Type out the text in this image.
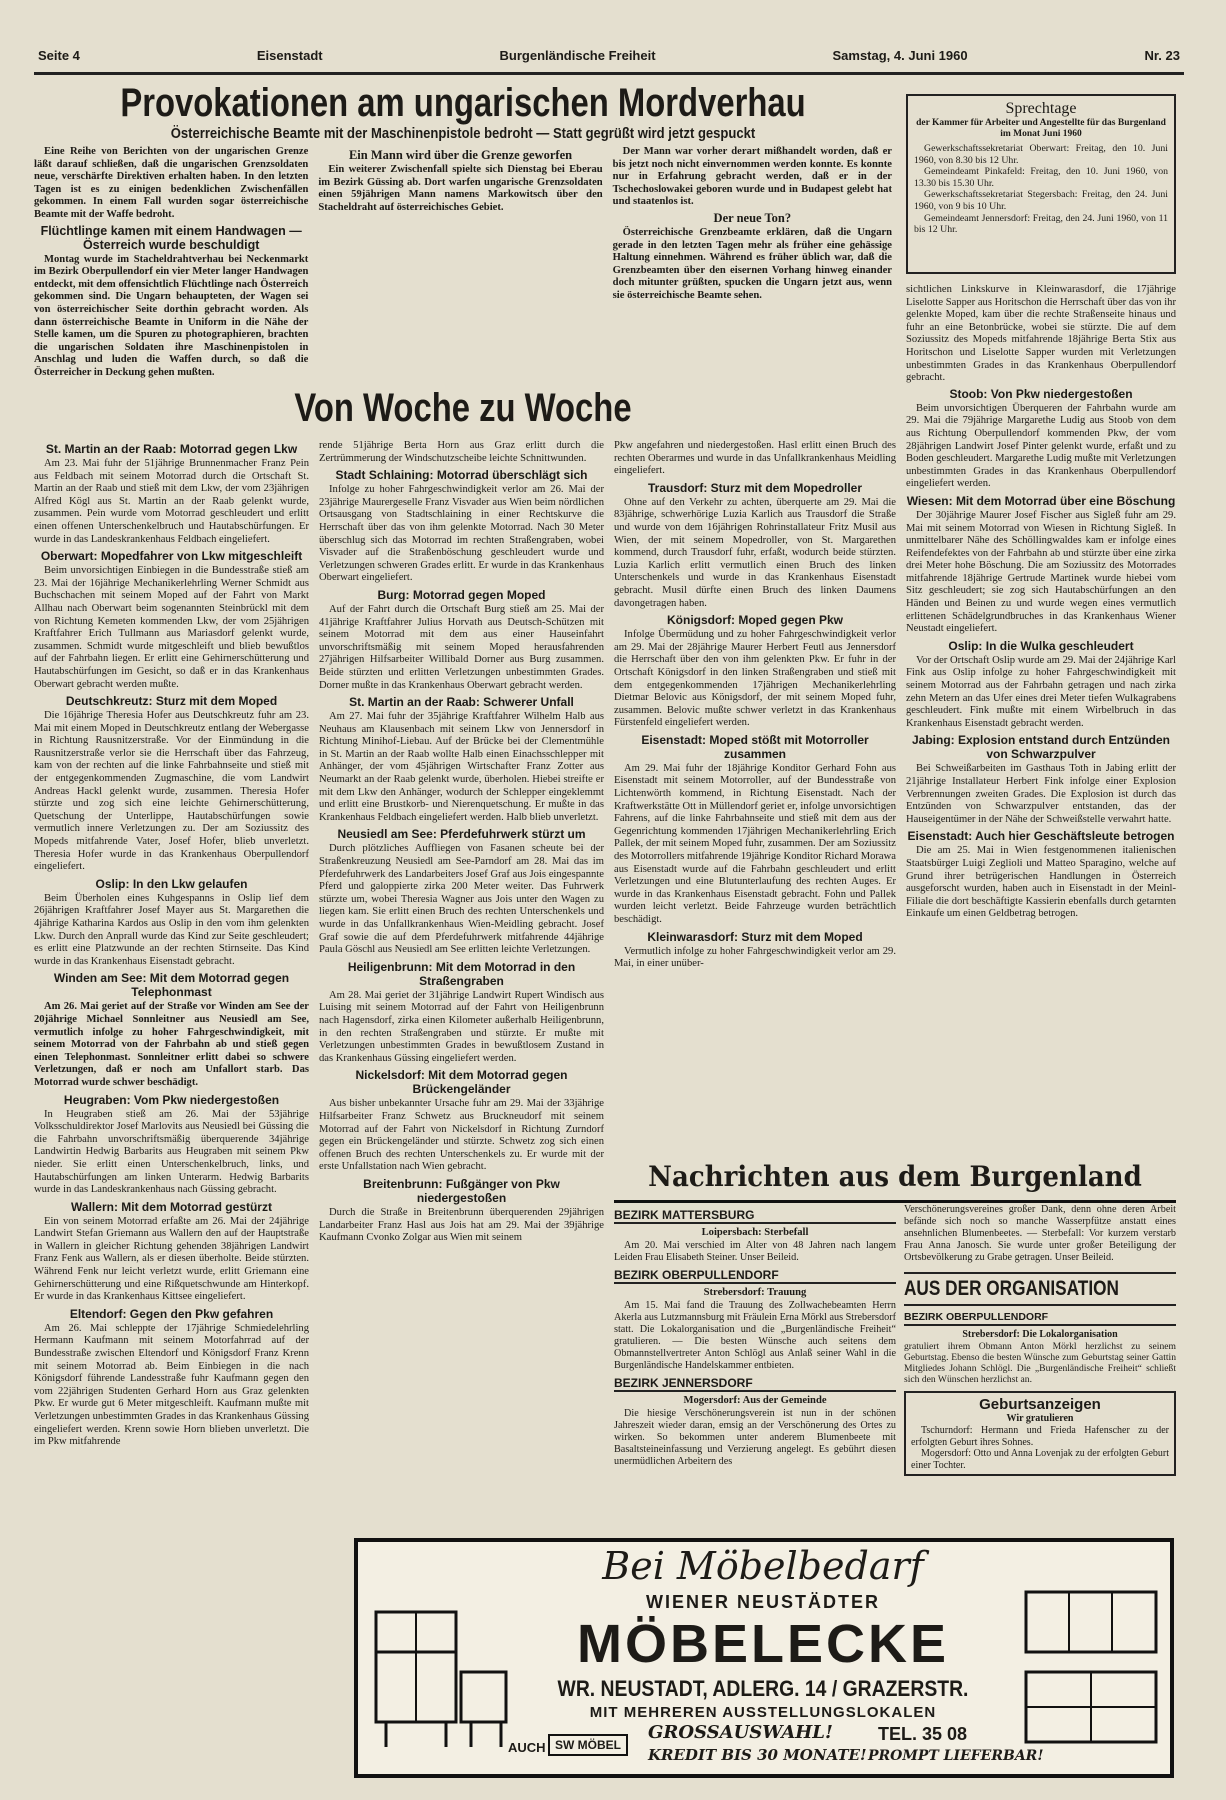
Seite 4	Eisenstadt	Burgenländische Freiheit	Samstag, 4. Juni 1960	Nr. 23
Provokationen am ungarischen Mordverhau
Österreichische Beamte mit der Maschinenpistole bedroht — Statt gegrüßt wird jetzt gespuckt

Eine Reihe von Berichten von der ungarischen Grenze läßt darauf schließen, daß die ungarischen Grenzsoldaten neue, verschärfte Direktiven erhalten haben. In den letzten Tagen ist es zu einigen bedenklichen Zwischenfällen gekommen. In einem Fall wurden sogar österreichische Beamte mit der Waffe bedroht.

Flüchtlinge kamen mit einem Handwagen — Österreich wurde beschuldigt

Montag wurde im Stacheldrahtverhau bei Neckenmarkt im Bezirk Oberpullendorf ein vier Meter langer Handwagen entdeckt, mit dem offensichtlich Flüchtlinge nach Österreich gekommen sind. Die Ungarn behaupteten, der Wagen sei von österreichischer Seite dorthin gebracht worden. Als dann österreichische Beamte in Uniform in die Nähe der Stelle kamen, um die Spuren zu photographieren, brachten die ungarischen Soldaten ihre Maschinenpistolen in Anschlag und luden die Waffen durch, so daß die Österreicher in Deckung gehen mußten.

Ein Mann wird über die Grenze geworfen

Ein weiterer Zwischenfall spielte sich Dienstag bei Eberau im Bezirk Güssing ab. Dort warfen ungarische Grenzsoldaten einen 59jährigen Mann namens Markowitsch über den Stacheldraht auf österreichisches Gebiet.

Der Mann war vorher derart mißhandelt worden, daß er bis jetzt noch nicht einvernommen werden konnte. Es konnte nur in Erfahrung gebracht werden, daß er in der Tschechoslowakei geboren wurde und in Budapest gelebt hat und staatenlos ist.

Der neue Ton?

Österreichische Grenzbeamte erklären, daß die Ungarn gerade in den letzten Tagen mehr als früher eine gehässige Haltung einnehmen. Während es früher üblich war, daß die Grenzbeamten über den eisernen Vorhang hinweg einander doch mitunter grüßten, spucken die Ungarn jetzt aus, wenn sie österreichische Beamte sehen.

Sprechtage
der Kammer für Arbeiter und Angestellte für das Burgenland im Monat Juni 1960

Gewerkschaftssekretariat Oberwart: Freitag, den 10. Juni 1960, von 8.30 bis 12 Uhr.

Gemeindeamt Pinkafeld: Freitag, den 10. Juni 1960, von 13.30 bis 15.30 Uhr.

Gewerkschaftssekretariat Stegersbach: Freitag, den 24. Juni 1960, von 9 bis 10 Uhr.

Gemeindeamt Jennersdorf: Freitag, den 24. Juni 1960, von 11 bis 12 Uhr.

Von Woche zu Woche
St. Martin an der Raab: Motorrad gegen Lkw

Am 23. Mai fuhr der 51jährige Brunnenmacher Franz Pein aus Feldbach mit seinem Motorrad durch die Ortschaft St. Martin an der Raab und stieß mit dem Lkw, der vom 23jährigen Alfred Kögl aus St. Martin an der Raab gelenkt wurde, zusammen. Pein wurde vom Motorrad geschleudert und erlitt einen offenen Unterschenkelbruch und Hautabschürfungen. Er wurde in das Landeskrankenhaus Feldbach eingeliefert.

Oberwart: Mopedfahrer von Lkw mitgeschleift

Beim unvorsichtigen Einbiegen in die Bundesstraße stieß am 23. Mai der 16jährige Mechanikerlehrling Werner Schmidt aus Buchschachen mit seinem Moped auf der Fahrt von Markt Allhau nach Oberwart beim sogenannten Steinbrückl mit dem von Richtung Kemeten kommenden Lkw, der vom 25jährigen Kraftfahrer Erich Tullmann aus Mariasdorf gelenkt wurde, zusammen. Schmidt wurde mitgeschleift und blieb bewußtlos auf der Fahrbahn liegen. Er erlitt eine Gehirnerschütterung und Hautabschürfungen im Gesicht, so daß er in das Krankenhaus Oberwart gebracht werden mußte.

Deutschkreutz: Sturz mit dem Moped

Die 16jährige Theresia Hofer aus Deutschkreutz fuhr am 23. Mai mit einem Moped in Deutschkreutz entlang der Webergasse in Richtung Rausnitzerstraße. Vor der Einmündung in die Rausnitzerstraße verlor sie die Herrschaft über das Fahrzeug, kam von der rechten auf die linke Fahrbahnseite und stieß mit der entgegenkommenden Zugmaschine, die vom Landwirt Andreas Hackl gelenkt wurde, zusammen. Theresia Hofer stürzte und zog sich eine leichte Gehirnerschütterung, Quetschung der Unterlippe, Hautabschürfungen sowie vermutlich innere Verletzungen zu. Der am Soziussitz des Mopeds mitfahrende Vater, Josef Hofer, blieb unverletzt. Theresia Hofer wurde in das Krankenhaus Oberpullendorf eingeliefert.

Oslip: In den Lkw gelaufen

Beim Überholen eines Kuhgespanns in Oslip lief dem 26jährigen Kraftfahrer Josef Mayer aus St. Margarethen die 4jährige Katharina Kardos aus Oslip in den vom ihm gelenkten Lkw. Durch den Anprall wurde das Kind zur Seite geschleudert; es erlitt eine Platzwunde an der rechten Stirnseite. Das Kind wurde in das Krankenhaus Eisenstadt gebracht.

Winden am See: Mit dem Motorrad gegen Telephonmast

Am 26. Mai geriet auf der Straße vor Winden am See der 20jährige Michael Sonnleitner aus Neusiedl am See, vermutlich infolge zu hoher Fahrgeschwindigkeit, mit seinem Motorrad von der Fahrbahn ab und stieß gegen einen Telephonmast. Sonnleitner erlitt dabei so schwere Verletzungen, daß er noch am Unfallort starb. Das Motorrad wurde schwer beschädigt.

Heugraben: Vom Pkw niedergestoßen

In Heugraben stieß am 26. Mai der 53jährige Volksschuldirektor Josef Marlovits aus Neusiedl bei Güssing die die Fahrbahn unvorschriftsmäßig überquerende 34jährige Landwirtin Hedwig Barbarits aus Heugraben mit seinem Pkw nieder. Sie erlitt einen Unterschenkelbruch, links, und Hautabschürfungen am linken Unterarm. Hedwig Barbarits wurde in das Landeskrankenhaus nach Güssing gebracht.

Wallern: Mit dem Motorrad gestürzt

Ein von seinem Motorrad erfaßte am 26. Mai der 24jährige Landwirt Stefan Griemann aus Wallern den auf der Hauptstraße in Wallern in gleicher Richtung gehenden 38jährigen Landwirt Franz Fenk aus Wallern, als er diesen überholte. Beide stürzten. Während Fenk nur leicht verletzt wurde, erlitt Griemann eine Gehirnerschütterung und eine Rißquetschwunde am Hinterkopf. Er wurde in das Krankenhaus Kittsee eingeliefert.

Eltendorf: Gegen den Pkw gefahren

Am 26. Mai schleppte der 17jährige Schmiedelehrling Hermann Kaufmann mit seinem Motorfahrrad auf der Bundesstraße zwischen Eltendorf und Königsdorf Franz Krenn mit seinem Motorrad ab. Beim Einbiegen in die nach Königsdorf führende Landesstraße fuhr Kaufmann gegen den vom 22jährigen Studenten Gerhard Horn aus Graz gelenkten Pkw. Er wurde gut 6 Meter mitgeschleift. Kaufmann mußte mit Verletzungen unbestimmten Grades in das Krankenhaus Güssing eingeliefert werden. Krenn sowie Horn blieben unverletzt. Die im Pkw mitfahrende

rende 51jährige Berta Horn aus Graz erlitt durch die Zertrümmerung der Windschutzscheibe leichte Schnittwunden.

Stadt Schlaining: Motorrad überschlägt sich

Infolge zu hoher Fahrgeschwindigkeit verlor am 26. Mai der 23jährige Maurergeselle Franz Visvader aus Wien beim nördlichen Ortsausgang von Stadtschlaining in einer Rechtskurve die Herrschaft über das von ihm gelenkte Motorrad. Nach 30 Meter überschlug sich das Motorrad im rechten Straßengraben, wobei Visvader auf die Straßenböschung geschleudert wurde und Verletzungen schweren Grades erlitt. Er wurde in das Krankenhaus Oberwart eingeliefert.

Burg: Motorrad gegen Moped

Auf der Fahrt durch die Ortschaft Burg stieß am 25. Mai der 41jährige Kraftfahrer Julius Horvath aus Deutsch-Schützen mit seinem Motorrad mit dem aus einer Hauseinfahrt unvorschriftsmäßig mit seinem Moped herausfahrenden 27jährigen Hilfsarbeiter Willibald Dorner aus Burg zusammen. Beide stürzten und erlitten Verletzungen unbestimmten Grades. Dorner mußte in das Krankenhaus Oberwart gebracht werden.

St. Martin an der Raab: Schwerer Unfall

Am 27. Mai fuhr der 35jährige Kraftfahrer Wilhelm Halb aus Neuhaus am Klausenbach mit seinem Lkw von Jennersdorf in Richtung Minihof-Liebau. Auf der Brücke bei der Clementmühle in St. Martin an der Raab wollte Halb einen Einachsschlepper mit Anhänger, der vom 45jährigen Wirtschafter Franz Zotter aus Neumarkt an der Raab gelenkt wurde, überholen. Hiebei streifte er mit dem Lkw den Anhänger, wodurch der Schlepper eingeklemmt und erlitt eine Brustkorb- und Nierenquetschung. Er mußte in das Krankenhaus Feldbach eingeliefert werden. Halb blieb unverletzt.

Neusiedl am See: Pferdefuhrwerk stürzt um

Durch plötzliches Auffliegen von Fasanen scheute bei der Straßenkreuzung Neusiedl am See-Parndorf am 28. Mai das im Pferdefuhrwerk des Landarbeiters Josef Graf aus Jois eingespannte Pferd und galoppierte zirka 200 Meter weiter. Das Fuhrwerk stürzte um, wobei Theresia Wagner aus Jois unter den Wagen zu liegen kam. Sie erlitt einen Bruch des rechten Unterschenkels und wurde in das Unfallkrankenhaus Wien-Meidling gebracht. Josef Graf sowie die auf dem Pferdefuhrwerk mitfahrende 44jährige Paula Göschl aus Neusiedl am See erlitten leichte Verletzungen.

Heiligenbrunn: Mit dem Motorrad in den Straßengraben

Am 28. Mai geriet der 31jährige Landwirt Rupert Windisch aus Luising mit seinem Motorrad auf der Fahrt von Heiligenbrunn nach Hagensdorf, zirka einen Kilometer außerhalb Heiligenbrunn, in den rechten Straßengraben und stürzte. Er mußte mit Verletzungen unbestimmten Grades in bewußtlosem Zustand in das Krankenhaus Güssing eingeliefert werden.

Nickelsdorf: Mit dem Motorrad gegen Brückengeländer

Aus bisher unbekannter Ursache fuhr am 29. Mai der 33jährige Hilfsarbeiter Franz Schwetz aus Bruckneudorf mit seinem Motorrad auf der Fahrt von Nickelsdorf in Richtung Zurndorf gegen ein Brückengeländer und stürzte. Schwetz zog sich einen offenen Bruch des rechten Unterschenkels zu. Er wurde mit der erste Unfallstation nach Wien gebracht.

Breitenbrunn: Fußgänger von Pkw niedergestoßen

Durch die Straße in Breitenbrunn überquerenden 29jährigen Landarbeiter Franz Hasl aus Jois hat am 29. Mai der 39jährige Kaufmann Cvonko Zolgar aus Wien mit seinem

Pkw angefahren und niedergestoßen. Hasl erlitt einen Bruch des rechten Oberarmes und wurde in das Unfallkrankenhaus Meidling eingeliefert.

Trausdorf: Sturz mit dem Mopedroller

Ohne auf den Verkehr zu achten, überquerte am 29. Mai die 83jährige, schwerhörige Luzia Karlich aus Trausdorf die Straße und wurde von dem 16jährigen Rohrinstallateur Fritz Musil aus Wien, der mit seinem Mopedroller, von St. Margarethen kommend, durch Trausdorf fuhr, erfaßt, wodurch beide stürzten. Luzia Karlich erlitt vermutlich einen Bruch des linken Unterschenkels und wurde in das Krankenhaus Eisenstadt gebracht. Musil dürfte einen Bruch des linken Daumens davongetragen haben.

Königsdorf: Moped gegen Pkw

Infolge Übermüdung und zu hoher Fahrgeschwindigkeit verlor am 29. Mai der 28jährige Maurer Herbert Feutl aus Jennersdorf die Herrschaft über den von ihm gelenkten Pkw. Er fuhr in der Ortschaft Königsdorf in den linken Straßengraben und stieß mit dem entgegenkommenden 17jährigen Mechanikerlehrling Dietmar Belovic aus Königsdorf, der mit seinem Moped fuhr, zusammen. Belovic mußte schwer verletzt in das Krankenhaus Fürstenfeld eingeliefert werden.

Eisenstadt: Moped stößt mit Motorroller zusammen

Am 29. Mai fuhr der 18jährige Konditor Gerhard Fohn aus Eisenstadt mit seinem Motorroller, auf der Bundesstraße von Lichtenwörth kommend, in Richtung Eisenstadt. Nach der Kraftwerkstätte Ott in Müllendorf geriet er, infolge unvorsichtigen Fahrens, auf die linke Fahrbahnseite und stieß mit dem aus der Gegenrichtung kommenden 17jährigen Mechanikerlehrling Erich Pallek, der mit seinem Moped fuhr, zusammen. Der am Soziussitz des Motorrollers mitfahrende 19jährige Konditor Richard Morawa aus Eisenstadt wurde auf die Fahrbahn geschleudert und erlitt Verletzungen und eine Blutunterlaufung des rechten Auges. Er wurde in das Krankenhaus Eisenstadt gebracht. Fohn und Pallek wurden leicht verletzt. Beide Fahrzeuge wurden beträchtlich beschädigt.

Kleinwarasdorf: Sturz mit dem Moped

Vermutlich infolge zu hoher Fahrgeschwindigkeit verlor am 29. Mai, in einer unüber-

sichtlichen Linkskurve in Kleinwarasdorf, die 17jährige Liselotte Sapper aus Horitschon die Herrschaft über das von ihr gelenkte Moped, kam über die rechte Straßenseite hinaus und fuhr an eine Betonbrücke, wobei sie stürzte. Die auf dem Soziussitz des Mopeds mitfahrende 18jährige Berta Stix aus Horitschon und Liselotte Sapper wurden mit Verletzungen unbestimmten Grades in das Krankenhaus Oberpullendorf gebracht.

Stoob: Von Pkw niedergestoßen

Beim unvorsichtigen Überqueren der Fahrbahn wurde am 29. Mai die 79jährige Margarethe Ludig aus Stoob von dem aus Richtung Oberpullendorf kommenden Pkw, der vom 28jährigen Landwirt Josef Pinter gelenkt wurde, erfaßt und zu Boden geschleudert. Margarethe Ludig mußte mit Verletzungen unbestimmten Grades in das Krankenhaus Oberpullendorf eingeliefert werden.

Wiesen: Mit dem Motorrad über eine Böschung

Der 30jährige Maurer Josef Fischer aus Sigleß fuhr am 29. Mai mit seinem Motorrad von Wiesen in Richtung Sigleß. In unmittelbarer Nähe des Schöllingwaldes kam er infolge eines Reifendefektes von der Fahrbahn ab und stürzte über eine zirka drei Meter hohe Böschung. Die am Soziussitz des Motorrades mitfahrende 18jährige Gertrude Martinek wurde hiebei vom Sitz geschleudert; sie zog sich Hautabschürfungen an den Händen und Beinen zu und wurde wegen eines vermutlich erlittenen Schädelgrundbruches in das Krankenhaus Wiener Neustadt eingeliefert.

Oslip: In die Wulka geschleudert

Vor der Ortschaft Oslip wurde am 29. Mai der 24jährige Karl Fink aus Oslip infolge zu hoher Fahrgeschwindigkeit mit seinem Motorrad aus der Fahrbahn getragen und nach zirka zehn Metern an das Ufer eines drei Meter tiefen Wulkagrabens geschleudert. Fink mußte mit einem Wirbelbruch in das Krankenhaus Eisenstadt gebracht werden.

Jabing: Explosion entstand durch Entzünden von Schwarzpulver

Bei Schweißarbeiten im Gasthaus Toth in Jabing erlitt der 21jährige Installateur Herbert Fink infolge einer Explosion Verbrennungen zweiten Grades. Die Explosion ist durch das Entzünden von Schwarzpulver entstanden, das der Hauseigentümer in der Nähe der Schweißstelle verwahrt hatte.

Eisenstadt: Auch hier Geschäftsleute betrogen

Die am 25. Mai in Wien festgenommenen italienischen Staatsbürger Luigi Zeglioli und Matteo Sparagino, welche auf Grund ihrer betrügerischen Handlungen in Österreich ausgeforscht wurden, haben auch in Eisenstadt in der Meinl-Filiale die dort beschäftigte Kassierin ebenfalls durch getarnten Einkaufe um einen Geldbetrag betrogen.

Nachrichten aus dem Burgenland
BEZIRK MATTERSBURG
Loipersbach: Sterbefall

Am 20. Mai verschied im Alter von 48 Jahren nach langem Leiden Frau Elisabeth Steiner. Unser Beileid.

BEZIRK OBERPULLENDORF
Strebersdorf: Trauung

Am 15. Mai fand die Trauung des Zollwachebeamten Herrn Akerla aus Lutzmannsburg mit Fräulein Erna Mörkl aus Strebersdorf statt. Die Lokalorganisation und die „Burgenländische Freiheit“ gratulieren. — Die besten Wünsche auch seitens dem Obmannstellvertreter Anton Schlögl aus Anlaß seiner Wahl in die Burgenländische Handelskammer entbieten.

BEZIRK JENNERSDORF
Mogersdorf: Aus der Gemeinde

Die hiesige Verschönerungsverein ist nun in der schönen Jahreszeit wieder daran, emsig an der Verschönerung des Ortes zu wirken. So bekommen unter anderem Blumenbeete mit Basaltsteineinfassung und Verzierung angelegt. Es gebührt diesen unermüdlichen Arbeitern des

Verschönerungsvereines großer Dank, denn ohne deren Arbeit befände sich noch so manche Wasserpfütze anstatt eines ansehnlichen Blumenbeetes. — Sterbefall: Vor kurzem verstarb Frau Anna Janosch. Sie wurde unter großer Beteiligung der Ortsbevölkerung zu Grabe getragen. Unser Beileid.
AUS DER ORGANISATION
BEZIRK OBERPULLENDORF
Strebersdorf: Die Lokalorganisation
gratuliert ihrem Obmann Anton Mörkl herzlichst zu seinem Geburtstag. Ebenso die besten Wünsche zum Geburtstag seiner Gattin Mitgliedes Johann Schlögl. Die „Burgenländische Freiheit“ schließt sich den Wünschen herzlichst an.
Geburtsanzeigen
Wir gratulieren

Tschurndorf: Hermann und Frieda Hafenscher zu der erfolgten Geburt ihres Sohnes.

Mogersdorf: Otto und Anna Lovenjak zu der erfolgten Geburt einer Tochter.

Bei Möbelbedarf
WIENER NEUSTÄDTER
MÖBELECKE
WR. NEUSTADT, ADLERG. 14 / GRAZERSTR.
MIT MEHREREN AUSSTELLUNGSLOKALEN
AUCH SW MÖBEL
GROSSAUSWAHL!
KREDIT BIS 30 MONATE!
TEL. 35 08
PROMPT LIEFERBAR!
